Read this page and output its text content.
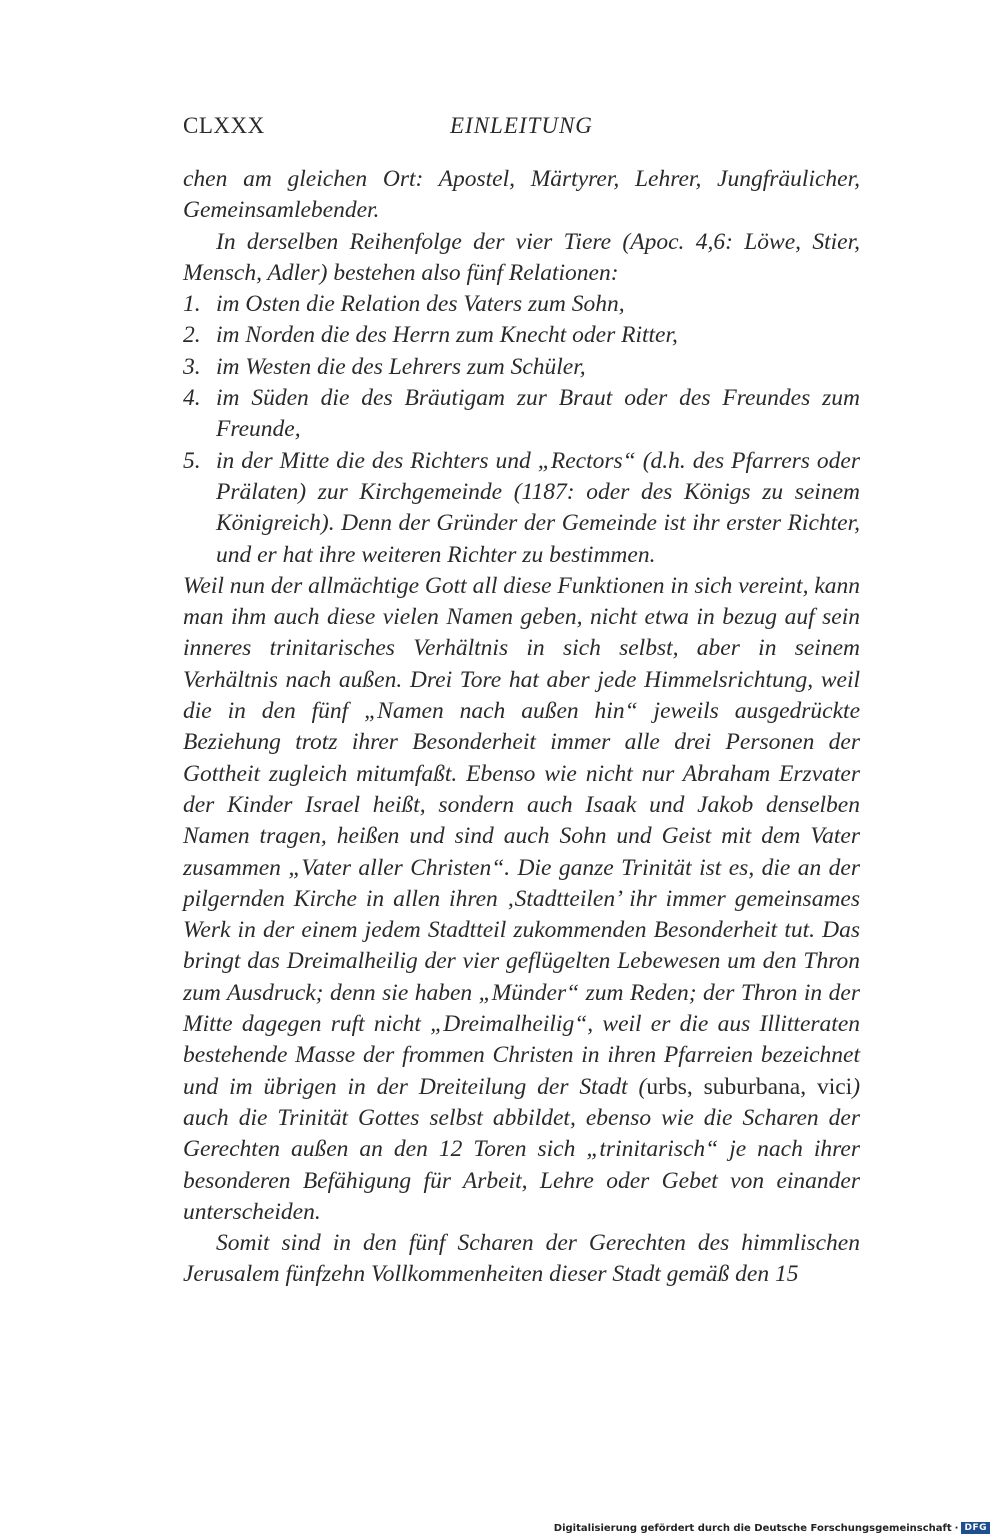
CLXXX	EINLEITUNG

chen am gleichen Ort: Apostel, Märtyrer, Lehrer, Jungfräulicher, Gemeinsamlebender.

In derselben Reihenfolge der vier Tiere (Apoc. 4,6: Löwe, Stier, Mensch, Adler) bestehen also fünf Relationen:

1. im Osten die Relation des Vaters zum Sohn,
2. im Norden die des Herrn zum Knecht oder Ritter,
3. im Westen die des Lehrers zum Schüler,
4. im Süden die des Bräutigam zur Braut oder des Freundes zum Freunde,
5. in der Mitte die des Richters und „Rectors“ (d.h. des Pfarrers oder Prälaten) zur Kirchgemeinde (1187: oder des Königs zu seinem Königreich). Denn der Gründer der Gemeinde ist ihr erster Richter, und er hat ihre weiteren Richter zu bestimmen.

Weil nun der allmächtige Gott all diese Funktionen in sich vereint, kann man ihm auch diese vielen Namen geben, nicht etwa in bezug auf sein inneres trinitarisches Verhältnis in sich selbst, aber in seinem Verhältnis nach außen. Drei Tore hat aber jede Himmelsrichtung, weil die in den fünf „Namen nach außen hin“ jeweils ausgedrückte Beziehung trotz ihrer Besonderheit immer alle drei Personen der Gottheit zugleich mitumfaßt. Ebenso wie nicht nur Abraham Erzvater der Kinder Israel heißt, sondern auch Isaak und Jakob denselben Namen tragen, heißen und sind auch Sohn und Geist mit dem Vater zusammen „Vater aller Christen“. Die ganze Trinität ist es, die an der pilgernden Kirche in allen ihren ‚Stadtteilen’ ihr immer gemeinsames Werk in der einem jedem Stadtteil zukommenden Besonderheit tut. Das bringt das Dreimalheilig der vier geflügelten Lebewesen um den Thron zum Ausdruck; denn sie haben „Münder“ zum Reden; der Thron in der Mitte dagegen ruft nicht „Dreimalheilig“, weil er die aus Illitteraten bestehende Masse der frommen Christen in ihren Pfarreien bezeichnet und im übrigen in der Dreiteilung der Stadt (urbs, suburbana, vici) auch die Trinität Gottes selbst abbildet, ebenso wie die Scharen der Gerechten außen an den 12 Toren sich „trinitarisch“ je nach ihrer besonderen Befähigung für Arbeit, Lehre oder Gebet von einander unterscheiden.

Somit sind in den fünf Scharen der Gerechten des himmlischen Jerusalem fünfzehn Vollkommenheiten dieser Stadt gemäß den 15

Digitalisierung gefördert durch die Deutsche Forschungsgemeinschaft · DFG
